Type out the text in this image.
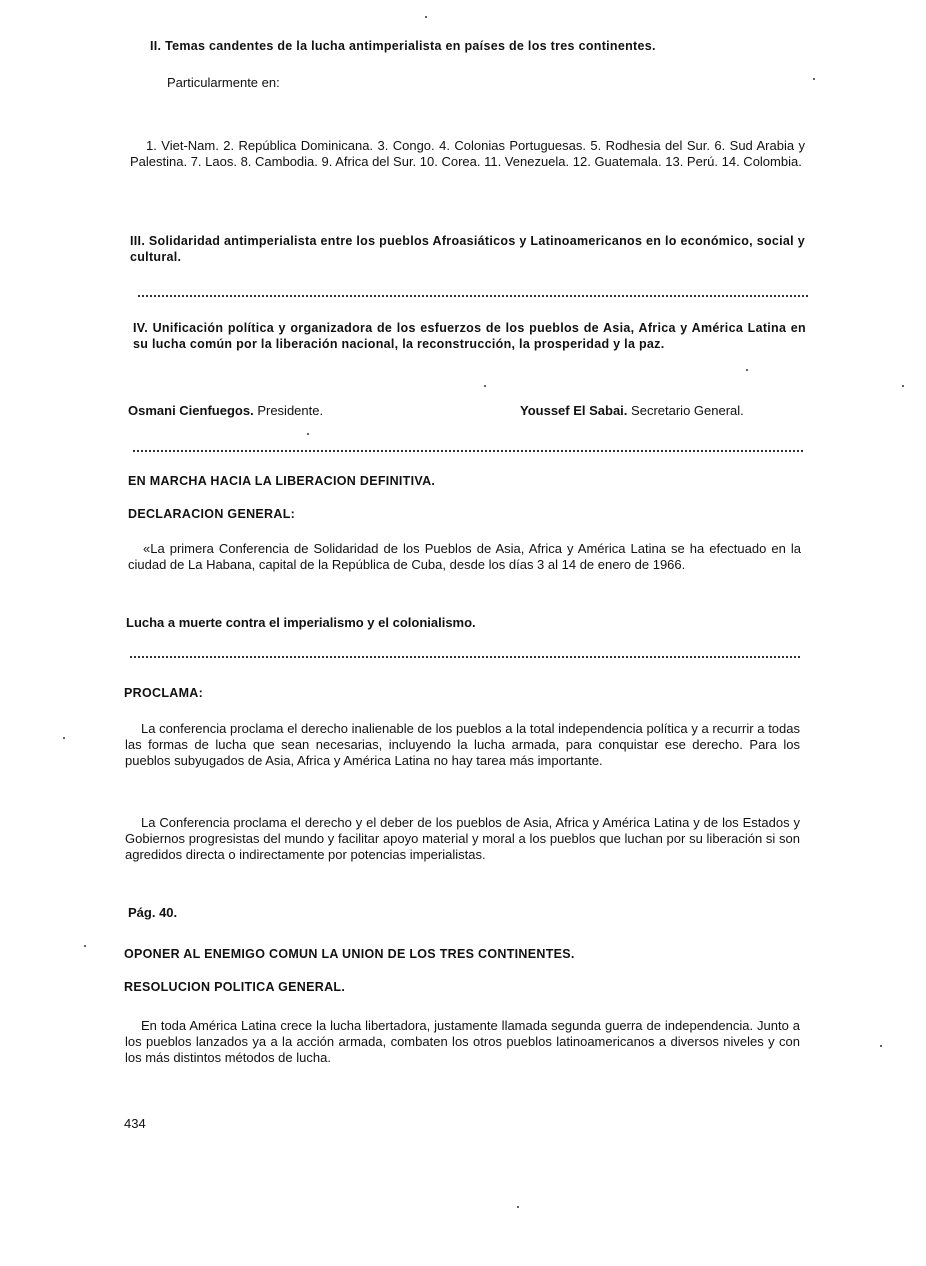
II. Temas candentes de la lucha antimperialista en países de los tres continentes.
Particularmente en:
1. Viet-Nam. 2. República Dominicana. 3. Congo. 4. Colonias Portuguesas. 5. Rodhesia del Sur. 6. Sud Arabia y Palestina. 7. Laos. 8. Cambodia. 9. Africa del Sur. 10. Corea. 11. Venezuela. 12. Guatemala. 13. Perú. 14. Colombia.
III. Solidaridad antimperialista entre los pueblos Afroasiáticos y Latinoamericanos en lo económico, social y cultural.
IV. Unificación política y organizadora de los esfuerzos de los pueblos de Asia, Africa y América Latina en su lucha común por la liberación nacional, la reconstrucción, la prosperidad y la paz.
Osmani Cienfuegos. Presidente.	Youssef El Sabai. Secretario General.
EN MARCHA HACIA LA LIBERACION DEFINITIVA.
DECLARACION GENERAL:
«La primera Conferencia de Solidaridad de los Pueblos de Asia, Africa y América Latina se ha efectuado en la ciudad de La Habana, capital de la República de Cuba, desde los días 3 al 14 de enero de 1966.
Lucha a muerte contra el imperialismo y el colonialismo.
PROCLAMA:
La conferencia proclama el derecho inalienable de los pueblos a la total independencia política y a recurrir a todas las formas de lucha que sean necesarias, incluyendo la lucha armada, para conquistar ese derecho. Para los pueblos subyugados de Asia, Africa y América Latina no hay tarea más importante.
La Conferencia proclama el derecho y el deber de los pueblos de Asia, Africa y América Latina y de los Estados y Gobiernos progresistas del mundo y facilitar apoyo material y moral a los pueblos que luchan por su liberación si son agredidos directa o indirectamente por potencias imperialistas.
Pág. 40.
OPONER AL ENEMIGO COMUN LA UNION DE LOS TRES CONTINENTES.
RESOLUCION POLITICA GENERAL.
En toda América Latina crece la lucha libertadora, justamente llamada segunda guerra de independencia. Junto a los pueblos lanzados ya a la acción armada, combaten los otros pueblos latinoamericanos a diversos niveles y con los más distintos métodos de lucha.
434
